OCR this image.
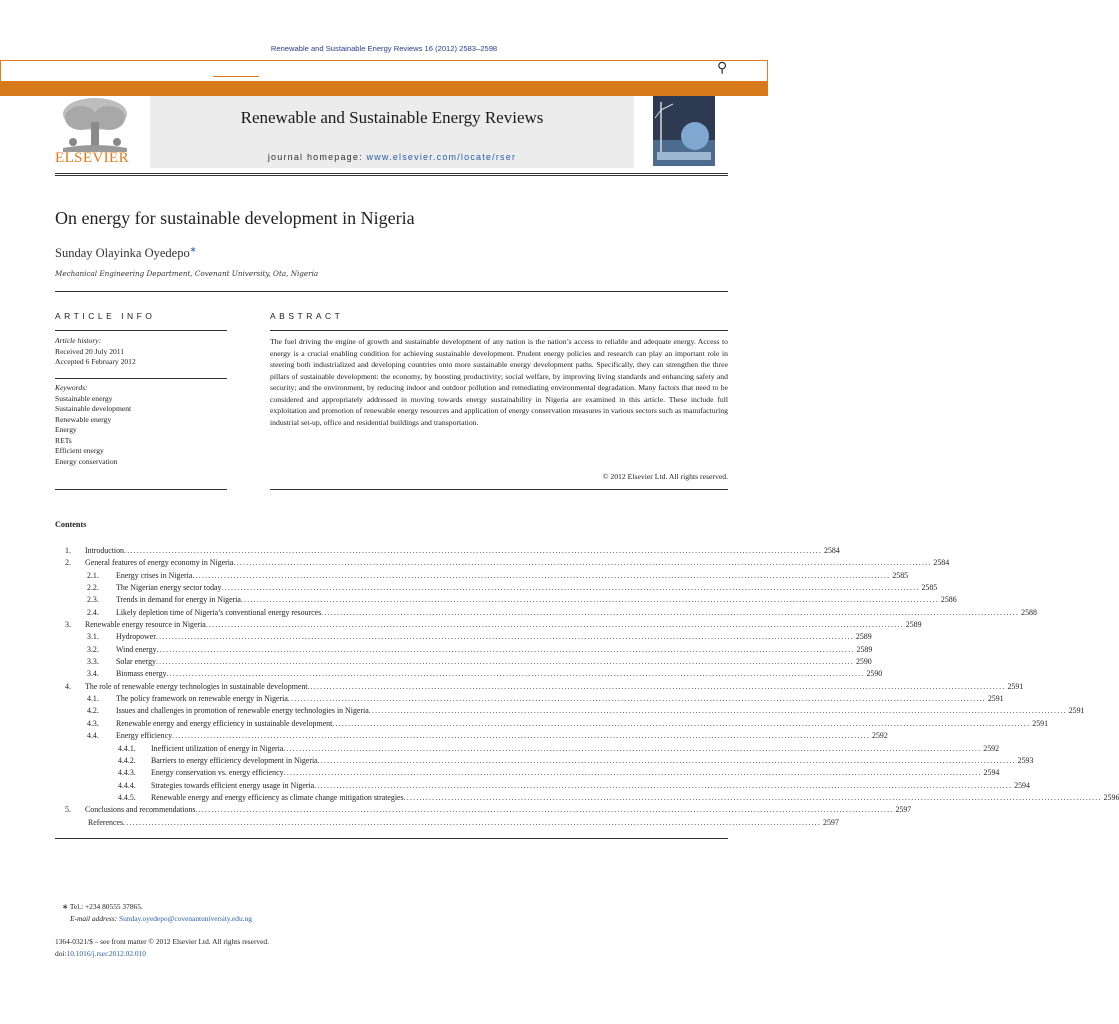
Renewable and Sustainable Energy Reviews 16 (2012) 2583–2598
⚲
ELSEVIER
Renewable and Sustainable Energy Reviews
journal homepage: www.elsevier.com/locate/rser
On energy for sustainable development in Nigeria
Sunday Olayinka Oyedepo∗
Mechanical Engineering Department, Covenant University, Ota, Nigeria
ARTICLE INFO
Article history:
Received 20 July 2011
Accepted 6 February 2012
Keywords:
Sustainable energy
Sustainable development
Renewable energy
Energy
RETs
Efficient energy
Energy conservation
ABSTRACT
The fuel driving the engine of growth and sustainable development of any nation is the nation’s access to reliable and adequate energy. Access to energy is a crucial enabling condition for achieving sustainable development. Prudent energy policies and research can play an important role in steering both industrialized and developing countries onto more sustainable energy development paths. Specifically, they can strengthen the three pillars of sustainable development: the economy, by boosting productivity; social welfare, by improving living standards and enhancing safety and security; and the environment, by reducing indoor and outdoor pollution and remediating environmental degradation. Many factors that need to be considered and appropriately addressed in moving towards energy sustainability in Nigeria are examined in this article. These include full exploitation and promotion of renewable energy resources and application of energy conservation measures in various sectors such as manufacturing industrial set-up, office and residential buildings and transportation.
© 2012 Elsevier Ltd. All rights reserved.
Contents
1.	Introduction ............................................................................................................................................................................................................................ 2584
2.	General features of energy economy in Nigeria ............................................................................................................................................................................................................................ 2584
2.1.	Energy crises in Nigeria ............................................................................................................................................................................................................................ 2585
2.2.	The Nigerian energy sector today ............................................................................................................................................................................................................................ 2585
2.3.	Trends in demand for energy in Nigeria ............................................................................................................................................................................................................................ 2586
2.4.	Likely depletion time of Nigeria’s conventional energy resources ............................................................................................................................................................................................................................ 2588
3.	Renewable energy resource in Nigeria ............................................................................................................................................................................................................................ 2589
3.1.	Hydropower ............................................................................................................................................................................................................................ 2589
3.2.	Wind energy ............................................................................................................................................................................................................................ 2589
3.3.	Solar energy ............................................................................................................................................................................................................................ 2590
3.4.	Biomass energy ............................................................................................................................................................................................................................ 2590
4.	The role of renewable energy technologies in sustainable development ............................................................................................................................................................................................................................ 2591
4.1.	The policy framework on renewable energy in Nigeria ............................................................................................................................................................................................................................ 2591
4.2.	Issues and challenges in promotion of renewable energy technologies in Nigeria ............................................................................................................................................................................................................................ 2591
4.3.	Renewable energy and energy efficiency in sustainable development ............................................................................................................................................................................................................................ 2591
4.4.	Energy efficiency ............................................................................................................................................................................................................................ 2592
4.4.1.	Inefficient utilization of energy in Nigeria ............................................................................................................................................................................................................................ 2592
4.4.2.	Barriers to energy efficiency development in Nigeria ............................................................................................................................................................................................................................ 2593
4.4.3.	Energy conservation vs. energy efficiency ............................................................................................................................................................................................................................ 2594
4.4.4.	Strategies towards efficient energy usage in Nigeria ............................................................................................................................................................................................................................ 2594
4.4.5.	Renewable energy and energy efficiency as climate change mitigation strategies ............................................................................................................................................................................................................................ 2596
5.	Conclusions and recommendations ............................................................................................................................................................................................................................ 2597
References ............................................................................................................................................................................................................................ 2597
∗ Tel.: +234 80555 37865.
E-mail address: Sunday.oyedepo@covenantuniversity.edu.ng
1364-0321/$ – see front matter © 2012 Elsevier Ltd. All rights reserved.
doi:10.1016/j.rser.2012.02.010
